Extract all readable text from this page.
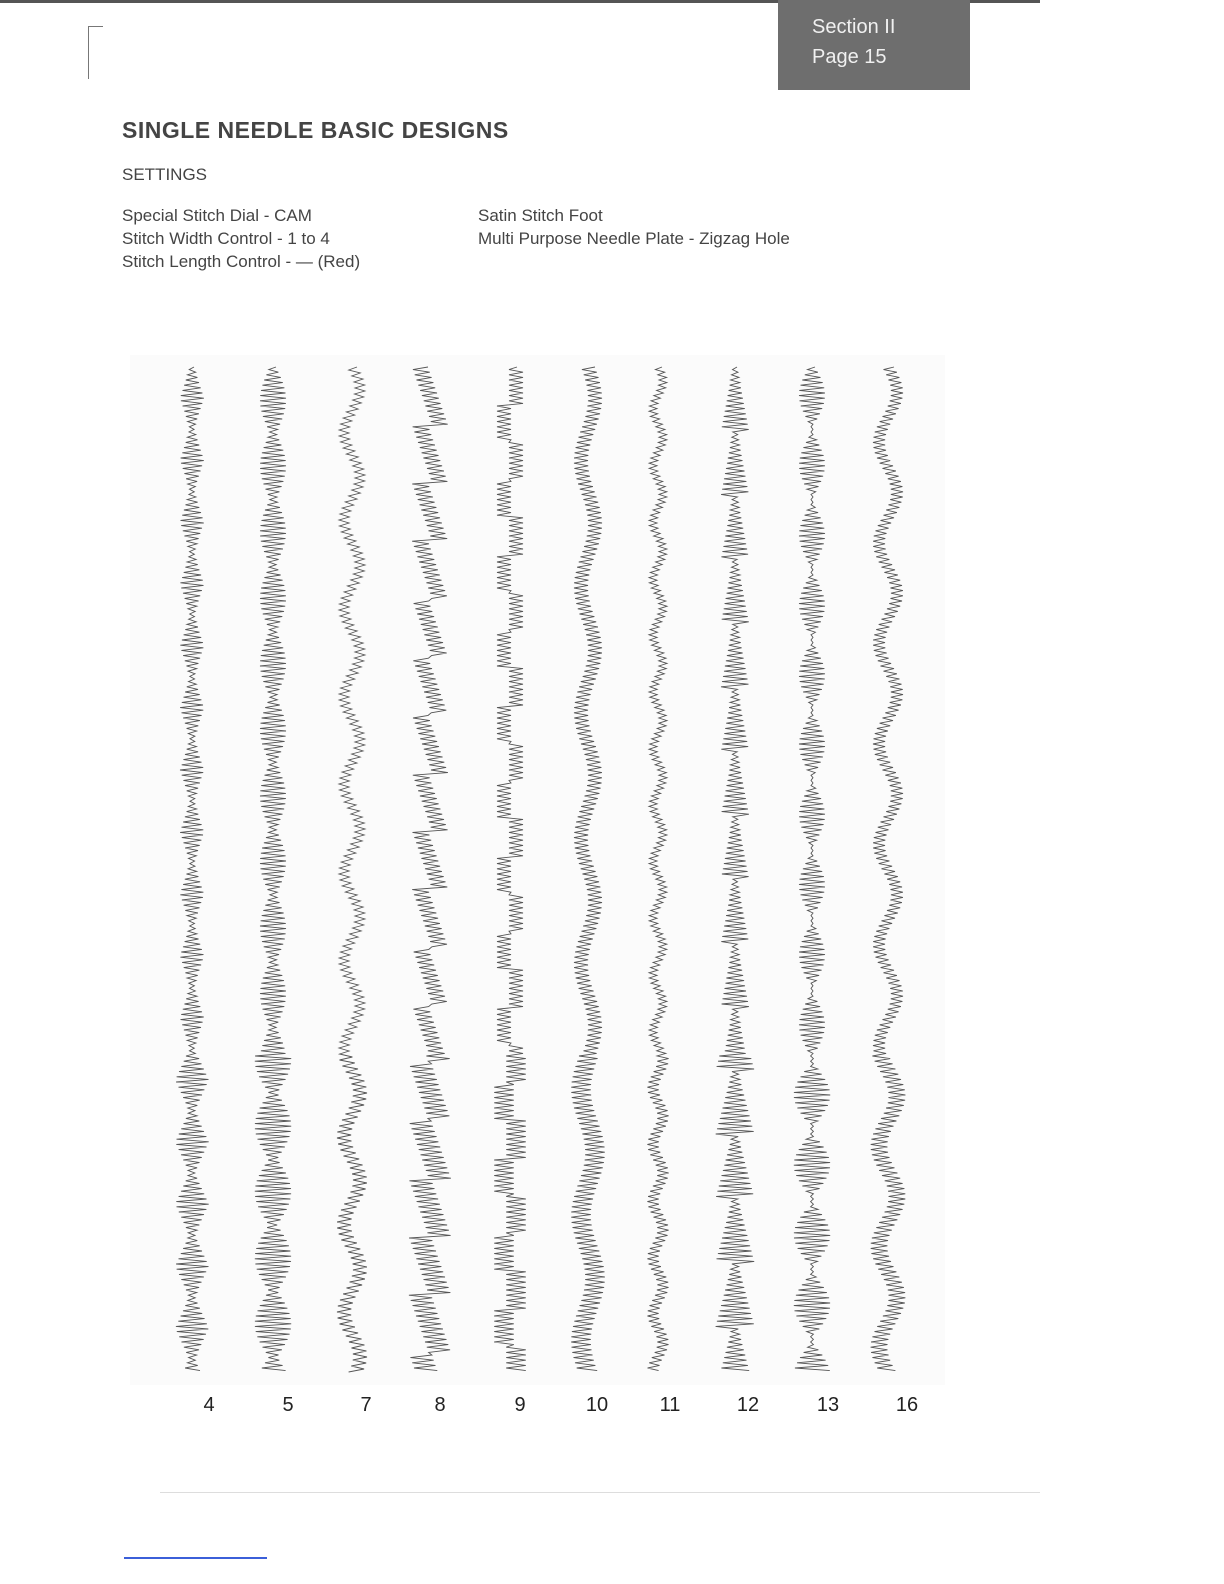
Section II
Page 15
SINGLE NEEDLE BASIC DESIGNS
SETTINGS
Special Stitch Dial - CAM
Stitch Width Control - 1 to 4
Stitch Length Control - — (Red)
Satin Stitch Foot
Multi Purpose Needle Plate - Zigzag Hole
4	5	7	8	9	10	11	12	13	16
